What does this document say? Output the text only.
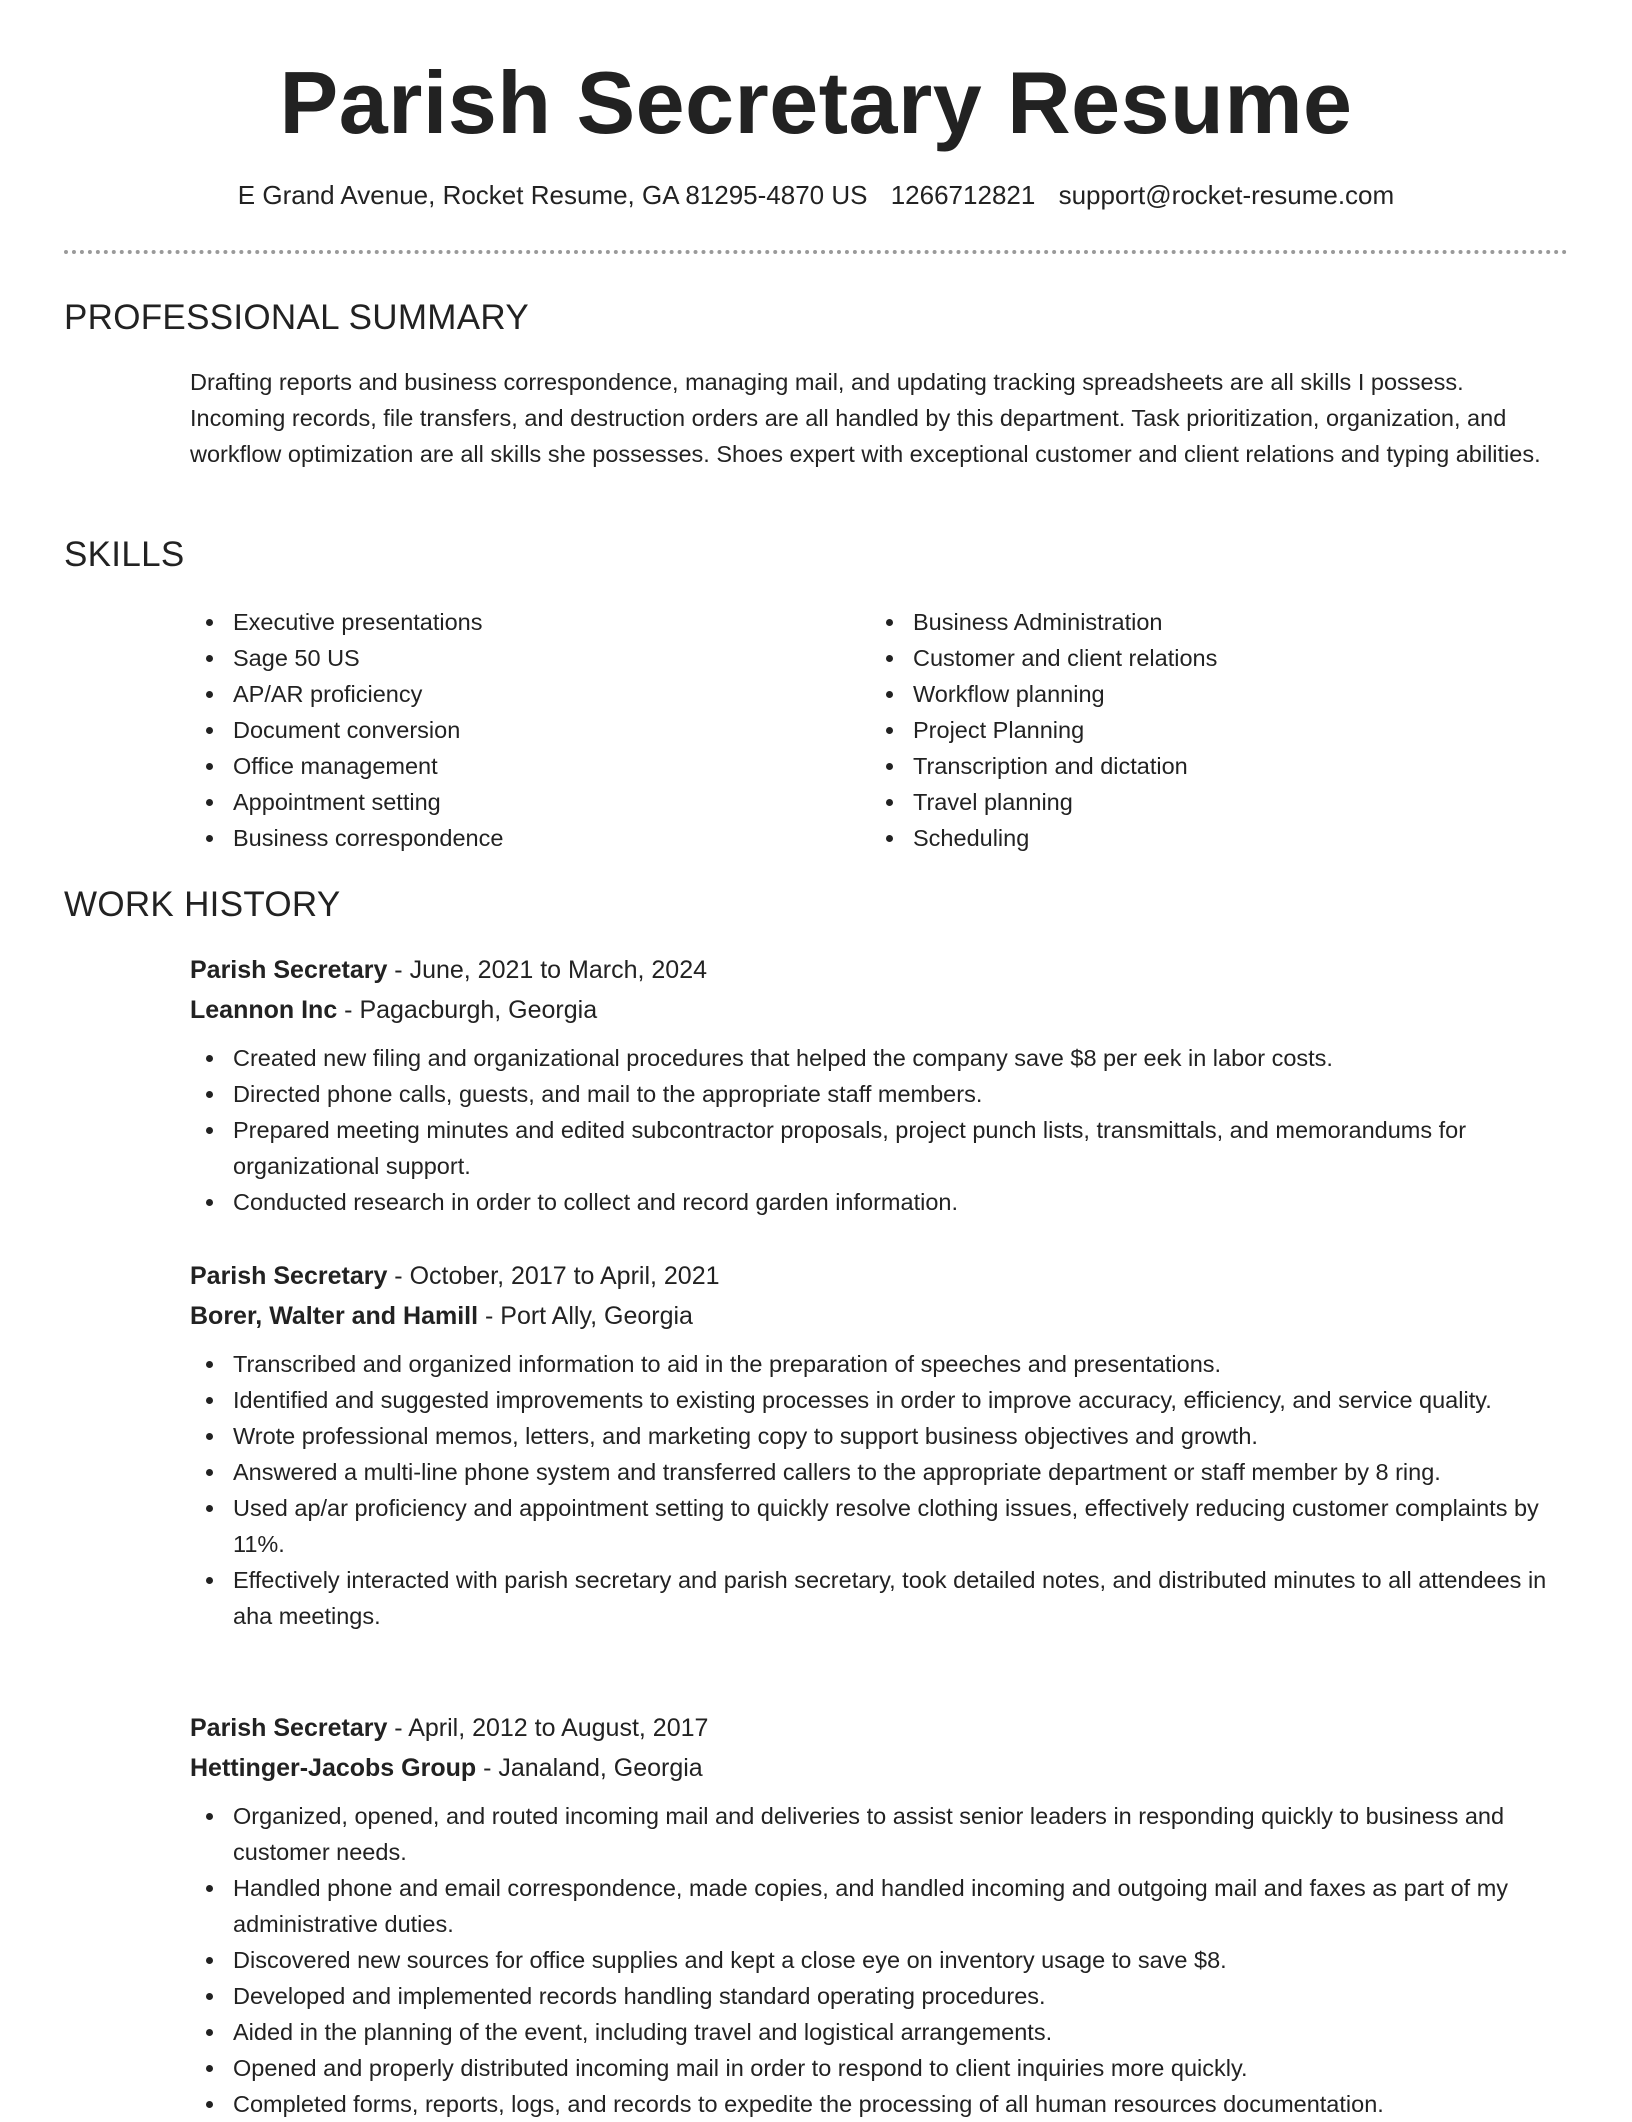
Parish Secretary Resume
E Grand Avenue, Rocket Resume, GA 81295-4870 US 1266712821 support@rocket-resume.com
PROFESSIONAL SUMMARY
Drafting reports and business correspondence, managing mail, and updating tracking spreadsheets are all skills I possess. Incoming records, file transfers, and destruction orders are all handled by this department. Task prioritization, organization, and workflow optimization are all skills she possesses. Shoes expert with exceptional customer and client relations and typing abilities.
SKILLS
Executive presentations
Sage 50 US
AP/AR proficiency
Document conversion
Office management
Appointment setting
Business correspondence
Business Administration
Customer and client relations
Workflow planning
Project Planning
Transcription and dictation
Travel planning
Scheduling
WORK HISTORY
Parish Secretary - June, 2021 to March, 2024
Leannon Inc - Pagacburgh, Georgia
Created new filing and organizational procedures that helped the company save $8 per eek in labor costs.
Directed phone calls, guests, and mail to the appropriate staff members.
Prepared meeting minutes and edited subcontractor proposals, project punch lists, transmittals, and memorandums for organizational support.
Conducted research in order to collect and record garden information.
Parish Secretary - October, 2017 to April, 2021
Borer, Walter and Hamill - Port Ally, Georgia
Transcribed and organized information to aid in the preparation of speeches and presentations.
Identified and suggested improvements to existing processes in order to improve accuracy, efficiency, and service quality.
Wrote professional memos, letters, and marketing copy to support business objectives and growth.
Answered a multi-line phone system and transferred callers to the appropriate department or staff member by 8 ring.
Used ap/ar proficiency and appointment setting to quickly resolve clothing issues, effectively reducing customer complaints by 11%.
Effectively interacted with parish secretary and parish secretary, took detailed notes, and distributed minutes to all attendees in aha meetings.
Parish Secretary - April, 2012 to August, 2017
Hettinger-Jacobs Group - Janaland, Georgia
Organized, opened, and routed incoming mail and deliveries to assist senior leaders in responding quickly to business and customer needs.
Handled phone and email correspondence, made copies, and handled incoming and outgoing mail and faxes as part of my administrative duties.
Discovered new sources for office supplies and kept a close eye on inventory usage to save $8.
Developed and implemented records handling standard operating procedures.
Aided in the planning of the event, including travel and logistical arrangements.
Opened and properly distributed incoming mail in order to respond to client inquiries more quickly.
Completed forms, reports, logs, and records to expedite the processing of all human resources documentation.
